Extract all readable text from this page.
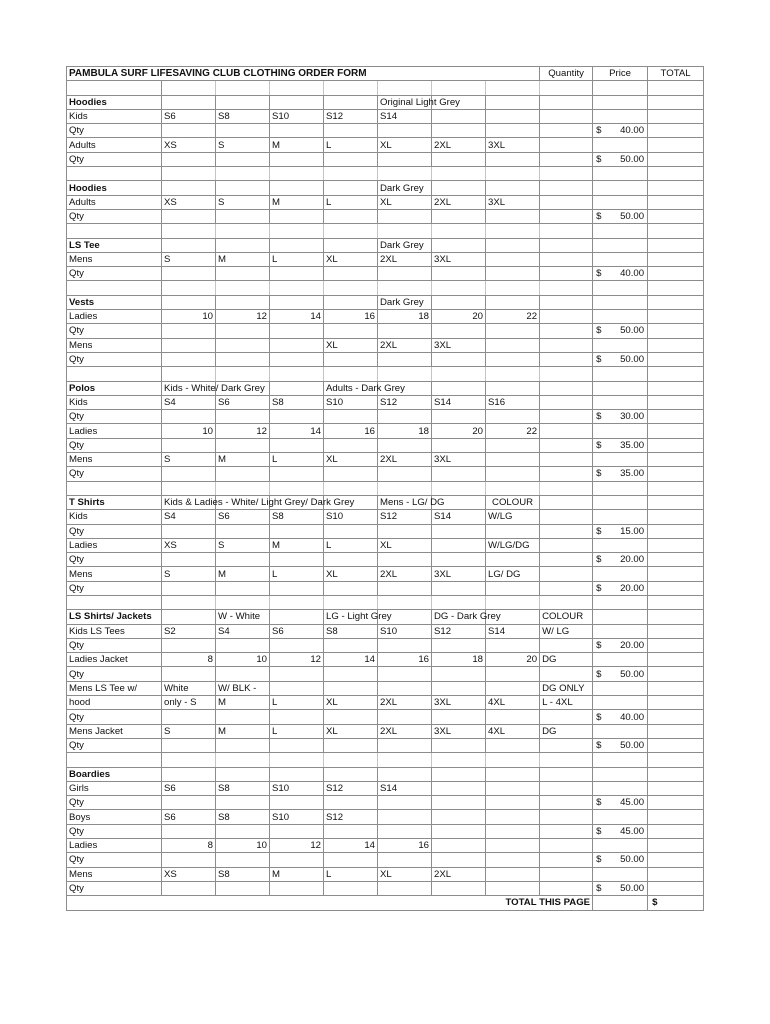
PAMBULA SURF LIFESAVING CLUB CLOTHING ORDER FORM								Quantity	Price	TOTAL

Hoodies					Original Light Grey					
Kids	S6	S8	S10	S12	S14					
Qty									$ 40.00	

Adults	XS	S	M	L	XL	2XL	3XL			
Qty									$ 50.00	

Hoodies					Dark Grey					
Adults	XS	S	M	L	XL	2XL	3XL			
Qty									$ 50.00	

LS Tee					Dark Grey					
Mens	S	M	L	XL	2XL	3XL				
Qty									$ 40.00	

Vests					Dark Grey					
Ladies	10	12	14	16	18	20	22			
Qty									$ 50.00	

Mens				XL	2XL	3XL				
Qty									$ 50.00	

Polos	Kids - White/ Dark Grey			Adults - Dark Grey						
Kids	S4	S6	S8	S10	S12	S14	S16			
Qty									$ 30.00	

Ladies	10	12	14	16	18	20	22			
Qty									$ 35.00	

Mens	S	M	L	XL	2XL	3XL				
Qty									$ 35.00	

T Shirts	Kids & Ladies - White/ Light Grey/ Dark Grey				Mens - LG/ DG		COLOUR			
Kids	S4	S6	S8	S10	S12	S14	W/LG			
Qty									$ 15.00	

Ladies	XS	S	M	L	XL		W/LG/DG			
Qty									$ 20.00	

Mens	S	M	L	XL	2XL	3XL	LG/ DG			
Qty									$ 20.00	

LS Shirts/ Jackets		W - White		LG - Light Grey		DG - Dark Grey		COLOUR		
Kids LS Tees	S2	S4	S6	S8	S10	S12	S14	W/ LG		
Qty									$ 20.00	

Ladies Jacket	8	10	12	14	16	18	20	DG		
Qty									$ 50.00	

Mens LS Tee w/	White	W/ BLK -						DG ONLY		
hood	only - S	M	L	XL	2XL	3XL	4XL	L - 4XL		
Qty									$ 40.00	

Mens Jacket	S	M	L	XL	2XL	3XL	4XL	DG		
Qty									$ 50.00	

Boardies										
Girls	S6	S8	S10	S12	S14					
Qty									$ 45.00	

Boys	S6	S8	S10	S12						
Qty									$ 45.00	

Ladies	8	10	12	14	16					
Qty									$ 50.00	

Mens	XS	S8	M	L	XL	2XL				
Qty									$ 50.00	

TOTAL THIS PAGE										$
